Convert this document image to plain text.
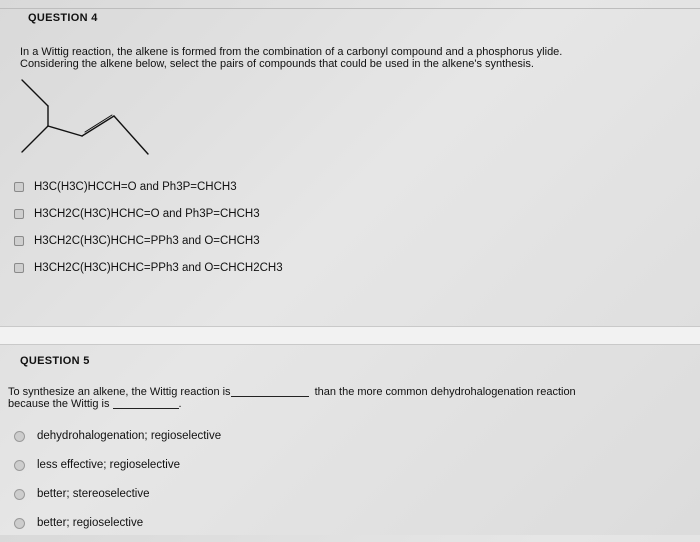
QUESTION 4
In a Wittig reaction, the alkene is formed from the combination of a carbonyl compound and a phosphorus ylide.
Considering the alkene below, select the pairs of compounds that could be used in the alkene's synthesis.
H3C(H3C)HCCH=O and Ph3P=CHCH3
H3CH2C(H3C)HCHC=O and Ph3P=CHCH3
H3CH2C(H3C)HCHC=PPh3 and O=CHCH3
H3CH2C(H3C)HCHC=PPh3 and O=CHCH2CH3
QUESTION 5
To synthesize an alkene, the Wittig reaction is	than the more common dehydrohalogenation reaction
because the Wittig is	.
dehydrohalogenation; regioselective
less effective; regioselective
better; stereoselective
better; regioselective
